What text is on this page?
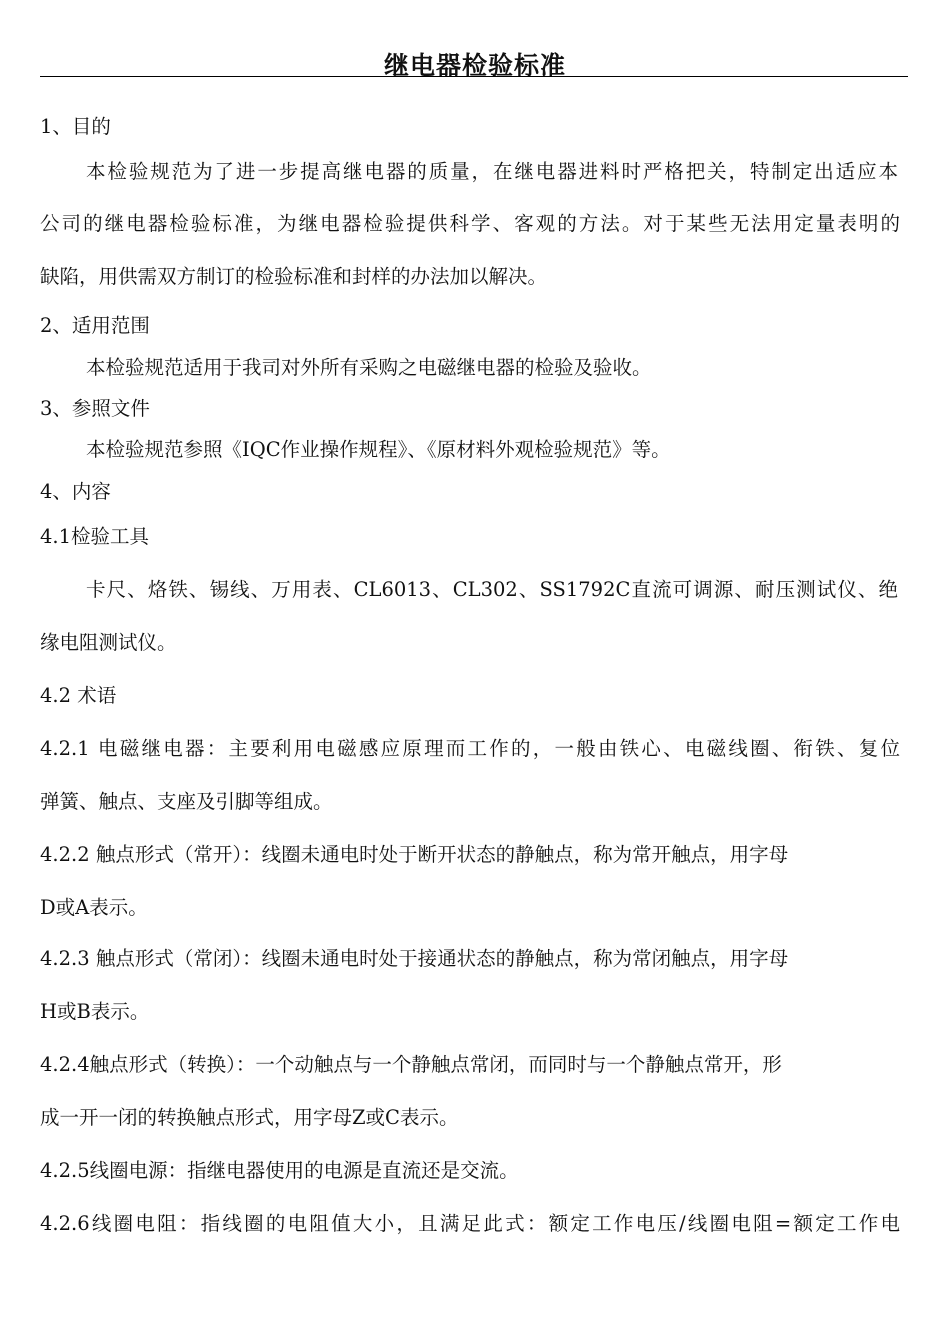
继电器检验标准
1、目的
本检验规范为了进一步提高继电器的质量，在继电器进料时严格把关，特制定出适应本
公司的继电器检验标准，为继电器检验提供科学、客观的方法。对于某些无法用定量表明的
缺陷，用供需双方制订的检验标准和封样的办法加以解决。
2、适用范围
本检验规范适用于我司对外所有采购之电磁继电器的检验及验收。
3、参照文件
本检验规范参照《IQC作业操作规程》、《原材料外观检验规范》等。
4、内容
4.1检验工具
卡尺、烙铁、锡线、万用表、CL6013、CL302、SS1792C直流可调源、耐压测试仪、绝
缘电阻测试仪。
4.2 术语
4.2.1 电磁继电器：主要利用电磁感应原理而工作的，一般由铁心、电磁线圈、衔铁、复位
弹簧、触点、支座及引脚等组成。
4.2.2 触点形式（常开）：线圈未通电时处于断开状态的静触点，称为常开触点，用字母
D或A表示。
4.2.3 触点形式（常闭）：线圈未通电时处于接通状态的静触点，称为常闭触点，用字母
H或B表示。
4.2.4触点形式（转换）：一个动触点与一个静触点常闭，而同时与一个静触点常开，形
成一开一闭的转换触点形式，用字母Z或C表示。
4.2.5线圈电源：指继电器使用的电源是直流还是交流。
4.2.6线圈电阻：指线圈的电阻值大小，且满足此式：额定工作电压/线圈电阻=额定工作电
